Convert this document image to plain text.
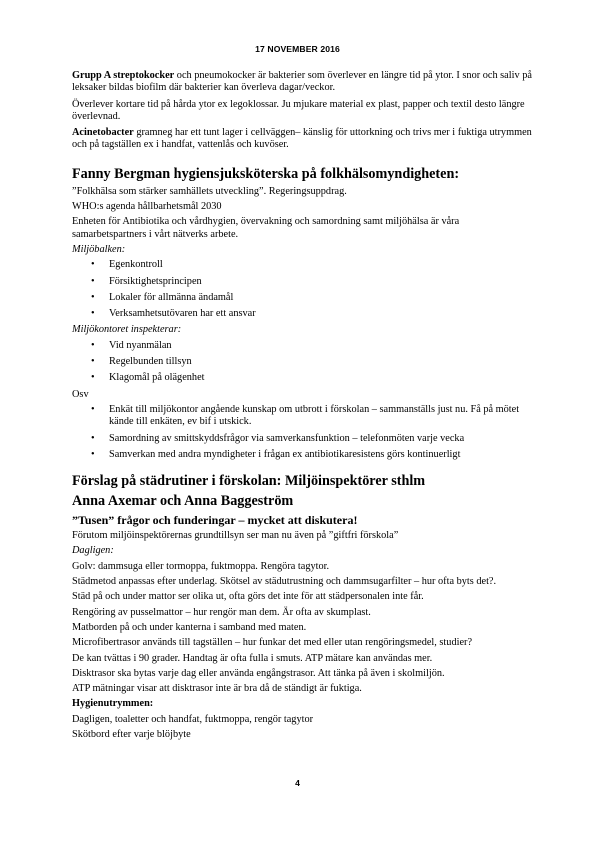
17 NOVEMBER 2016

Grupp A streptokocker och pneumokocker är bakterier som överlever en längre tid på ytor. I snor och saliv på leksaker bildas biofilm där bakterier kan överleva dagar/veckor.

Överlever kortare tid på hårda ytor ex legoklossar. Ju mjukare material ex plast, papper och textil desto längre överlevnad.

Acinetobacter gramneg har ett tunt lager i cellväggen– känslig för uttorkning och trivs mer i fuktiga utrymmen och på tagställen ex i handfat, vattenlås och kuvöser.

Fanny Bergman hygiensjuksköterska på folkhälsomyndigheten:

”Folkhälsa som stärker samhällets utveckling”. Regeringsuppdrag.

WHO:s agenda hållbarhetsmål 2030

Enheten för Antibiotika och vårdhygien, övervakning och samordning samt miljöhälsa är våra samarbetspartners i vårt nätverks arbete.

Miljöbalken:

• Egenkontroll
• Försiktighetsprincipen
• Lokaler för allmänna ändamål
• Verksamhetsutövaren har ett ansvar

Miljökontoret inspekterar:

• Vid nyanmälan
• Regelbunden tillsyn
• Klagomål på olägenhet

Osv

• Enkät till miljökontor angående kunskap om utbrott i förskolan – sammanställs just nu. Få på mötet kände till enkäten, ev bif i utskick.
• Samordning av smittskyddsfrågor via samverkansfunktion – telefonmöten varje vecka
• Samverkan med andra myndigheter i frågan ex antibiotikaresistens görs kontinuerligt
Förslag på städrutiner i förskolan: Miljöinspektörer sthlm
Anna Axemar och Anna Baggeström
”Tusen” frågor och funderingar – mycket att diskutera!

Förutom miljöinspektörernas grundtillsyn ser man nu även på ”giftfri förskola”

Dagligen:

Golv: dammsuga eller tormoppa, fuktmoppa. Rengöra tagytor.

Städmetod anpassas efter underlag. Skötsel av städutrustning och dammsugarfilter – hur ofta byts det?.

Städ på och under mattor ser olika ut, ofta görs det inte för att städpersonalen inte får.

Rengöring av pusselmattor – hur rengör man dem. Är ofta av skumplast.

Matborden på och under kanterna i samband med maten.

Microfibertrasor används till tagställen – hur funkar det med eller utan rengöringsmedel, studier?

De kan tvättas i 90 grader. Handtag är ofta fulla i smuts. ATP mätare kan användas mer.

Disktrasor ska bytas varje dag eller använda engångstrasor. Att tänka på även i skolmiljön.

ATP mätningar visar att disktrasor inte är bra då de ständigt är fuktiga.

Hygienutrymmen:

Dagligen, toaletter och handfat, fuktmoppa, rengör tagytor

Skötbord efter varje blöjbyte

4
